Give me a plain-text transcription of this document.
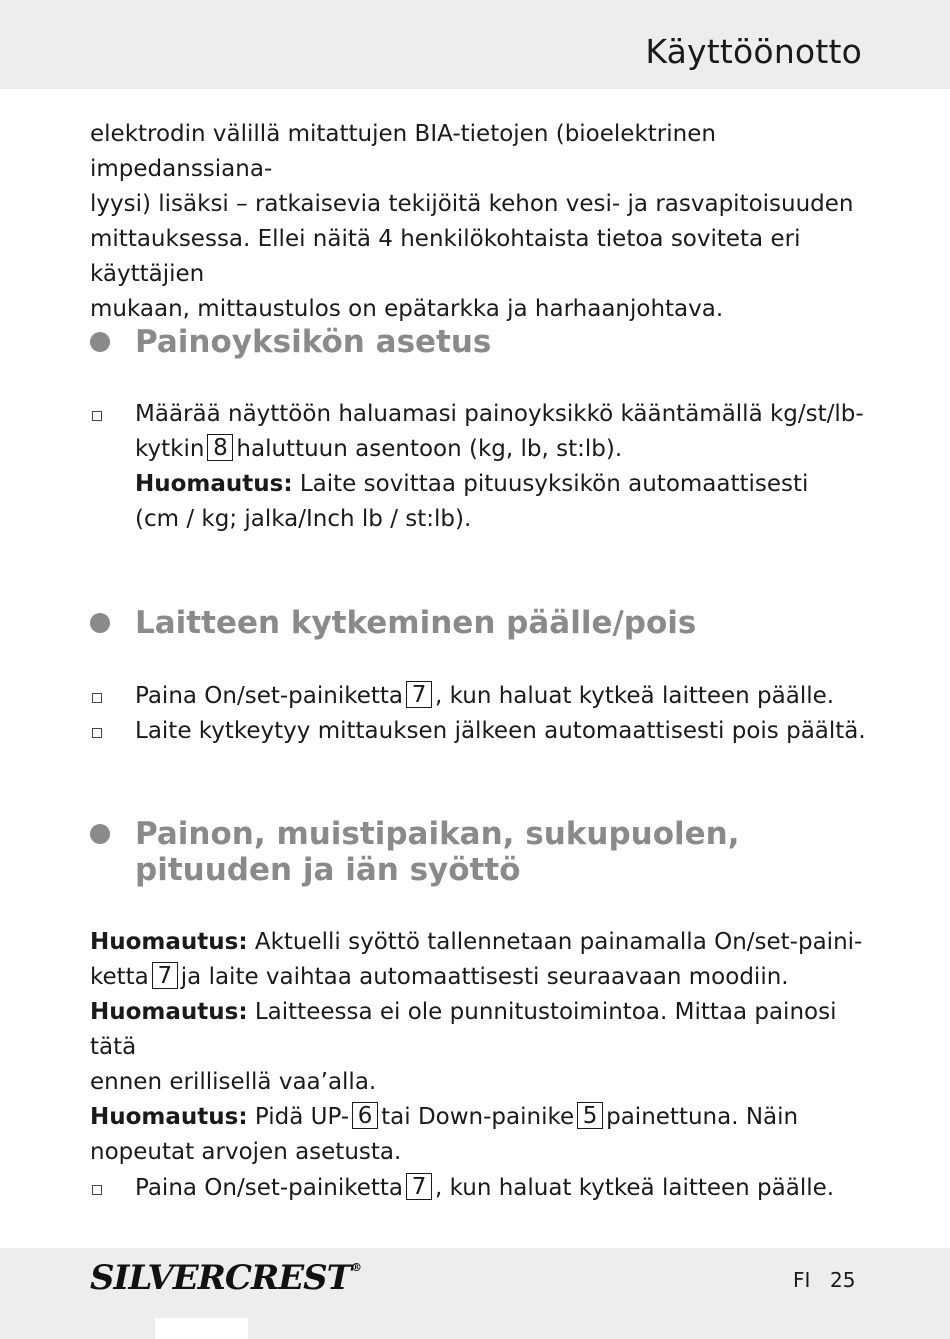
Käyttöönotto
elektrodin välillä mitattujen BIA-tietojen (bioelektrinen impedanssiana-
lyysi) lisäksi – ratkaisevia tekijöitä kehon vesi- ja rasvapitoisuuden
mittauksessa. Ellei näitä 4 henkilökohtaista tietoa soviteta eri käyttäjien
mukaan, mittaustulos on epätarkka ja harhaanjohtava.
Painoyksikön asetus
Määrää näyttöön haluamasi painoyksikkö kääntämällä kg/st/lb-
kytkin 8 haluttuun asentoon (kg, lb, st:lb).
Huomautus: Laite sovittaa pituusyksikön automaattisesti
(cm / kg; jalka/Inch lb / st:lb).
Laitteen kytkeminen päälle/pois
Paina On/set-painiketta 7 , kun haluat kytkeä laitteen päälle.
Laite kytkeytyy mittauksen jälkeen automaattisesti pois päältä.
Painon, muistipaikan, sukupuolen,
pituuden ja iän syöttö
Huomautus: Aktuelli syöttö tallennetaan painamalla On/set-paini-
ketta 7 ja laite vaihtaa automaattisesti seuraavaan moodiin.
Huomautus: Laitteessa ei ole punnitustoimintoa. Mittaa painosi tätä
ennen erillisellä vaa’alla.
Huomautus: Pidä UP- 6 tai Down-painike 5 painettuna. Näin
nopeutat arvojen asetusta.
Paina On/set-painiketta 7 , kun haluat kytkeä laitteen päälle.
SILVERCREST®
FI 25
